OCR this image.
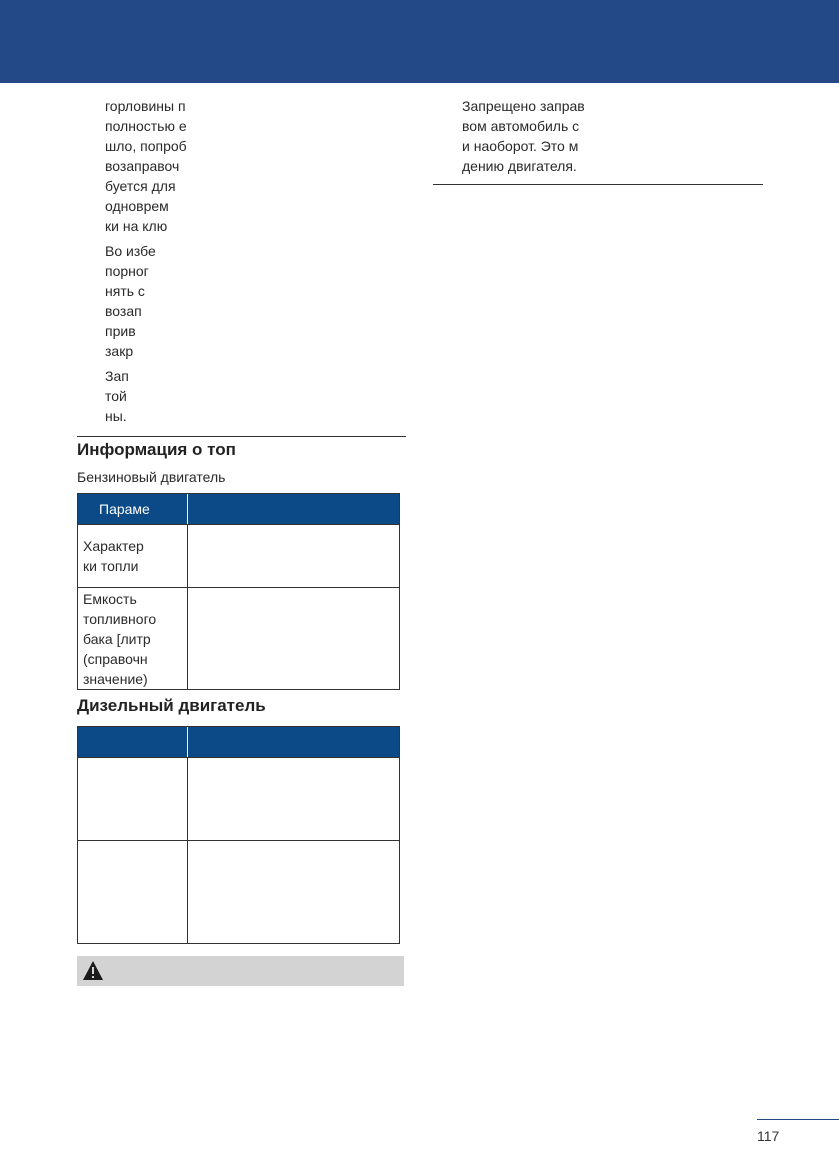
горловины п
полностью е
шло, попроб
возаправоч
буется для
одноврем
ки на клю
Во избе
порног
нять с
возап
прив
закр
Зап
той
ны.
Информация о топ
Бензиновый двигатель
Параме
Характер
ки топли
Емкость
топливного
бака [литр
(справочн
значение)
Дизельный двигатель
Запрещено заправ
вом автомобиль с
и наоборот. Это м
дению двигателя.
117
